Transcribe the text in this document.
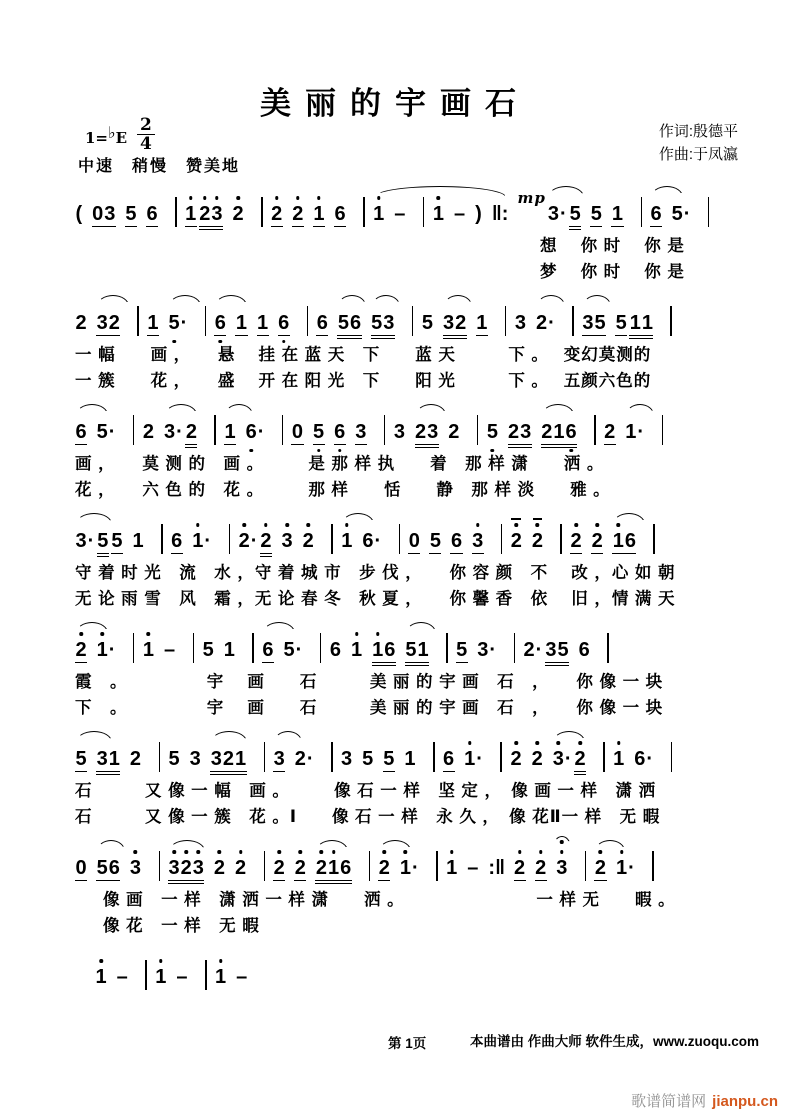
美丽的宇画石
1=♭E $\frac{2}{4}$
中速　稍慢　赞美地
作词:殷德平
作曲:于凤瀛
( 03 5 6 1 23 2 2 2 1 6 1 – 1 – ) ‖:mp3· 5 5 1 6 5·
想　 你 时　 你 是
梦　 你 时　 你 是
2 32 1 5· 6 1 1 6 6 56 53 5 32 1 3 2· 35 5 11
一 幅　　画 ，　　悬　 挂 在 蓝 天　下　　蓝 天　　　下 。　 变幻莫测的
一 簇　　花 ，　　盛　 开 在 阳 光　下　　阳 光　　　下 。　 五颜六色的
6 5· 2 3· 2 1 6· 0 5 6 3 3 23 2 5 23 216 2 1·
画 ，　　莫 测 的　画 。　　　是 那 样 执　　着　那 样 潇　　洒 。
花 ，　　六 色 的　花 。　　　那 样　　恬　　静　那 样 淡　　雅 。
3· 5 5 1 6 1· 2· 2 3 2 1 6· 0 5 6 3 2 2 2 2 16
守 着 时 光　流　水 ，守 着 城 市　步 伐 ，　　你 容 颜　不　 改 ，心 如 朝
无 论 雨 雪　风　霜 ，无 论 春 冬　秋 夏 ，　　你 馨 香　依　 旧 ，情 满 天
2 1· 1 – 5 1 6 5· 6 1 16 51 5 3· 2· 35 6
霞　。　　　　　宇　 画　　石　　　美 丽 的 宇 画　石　，　　你 像 一 块
下　。　　　　　宇　 画　　石　　　美 丽 的 宇 画　石　，　　你 像 一 块
5 31 2 5 3 321 3 2· 3 5 5 1 6 1· 2 2 3· 2 1 6·
石　　　又 像 一 幅　画 。　　　像 石 一 样　坚 定 ，　像 画 一 样　潇 洒
石　　　又 像 一 簇　花 。Ⅰ　　像 石 一 样　永 久 ，　像 花Ⅱ一 样　无 暇
0 56 3 323 2 2 2 2 216 2 1· 1 – :‖ 2 2 3 2 1·
像 画　一 样　潇 洒 一 样 潇　　洒 。　　　　　　　　一 样 无　　暇 。
像 花　一 样　无 暇
1 – 1 – 1 –
第 1页	本曲谱由 作曲大师 软件生成，www.zuoqu.com
歌谱简谱网 jianpu.cn
